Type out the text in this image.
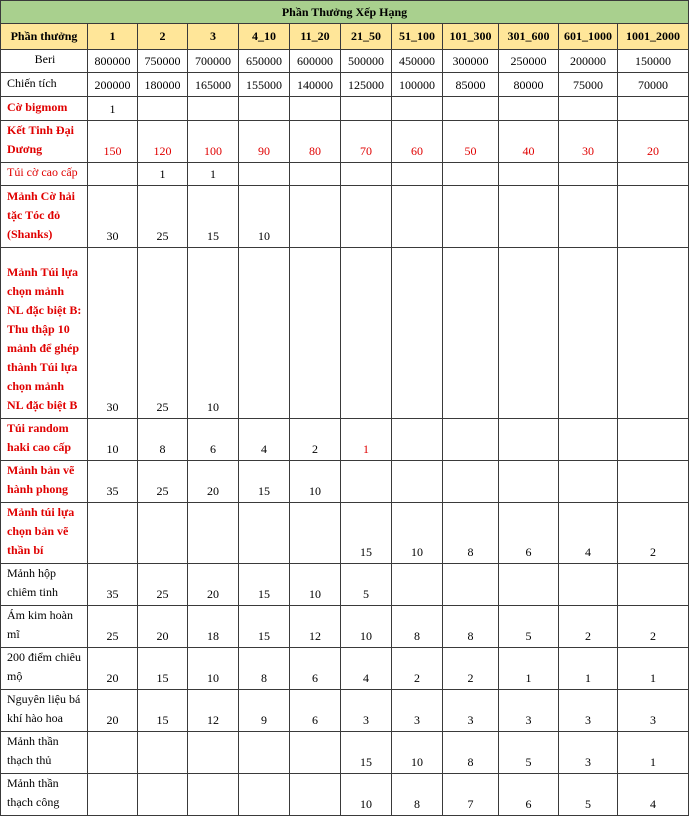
Phần Thưởng Xếp Hạng											
Phần thưởng	1	2	3	4_10	11_20	21_50	51_100	101_300	301_600	601_1000	1001_2000
Beri	800000	750000	700000	650000	600000	500000	450000	300000	250000	200000	150000
Chiến tích	200000	180000	165000	155000	140000	125000	100000	85000	80000	75000	70000
Cờ bigmom	1										
Kết Tinh Đại Dương	150	120	100	90	80	70	60	50	40	30	20
Túi cờ cao cấp		1	1								
Mảnh Cờ hải tặc Tóc đỏ (Shanks)	30	25	15	10							
Mảnh Túi lựa chọn mảnh NL đặc biệt B: Thu thập 10 mảnh để ghép thành Túi lựa chọn mảnh NL đặc biệt B	30	25	10								
Túi random haki cao cấp	10	8	6	4	2	1					
Mảnh bản vẽ hành phong	35	25	20	15	10						
Mảnh túi lựa chọn bản vẽ thần bí						15	10	8	6	4	2
Mảnh hộp chiêm tinh	35	25	20	15	10	5					
Ám kim hoàn mĩ	25	20	18	15	12	10	8	8	5	2	2
200 điểm chiêu mộ	20	15	10	8	6	4	2	2	1	1	1
Nguyên liệu bá khí hào hoa	20	15	12	9	6	3	3	3	3	3	3
Mảnh thần thạch thủ						15	10	8	5	3	1
Mảnh thần thạch công						10	8	7	6	5	4
